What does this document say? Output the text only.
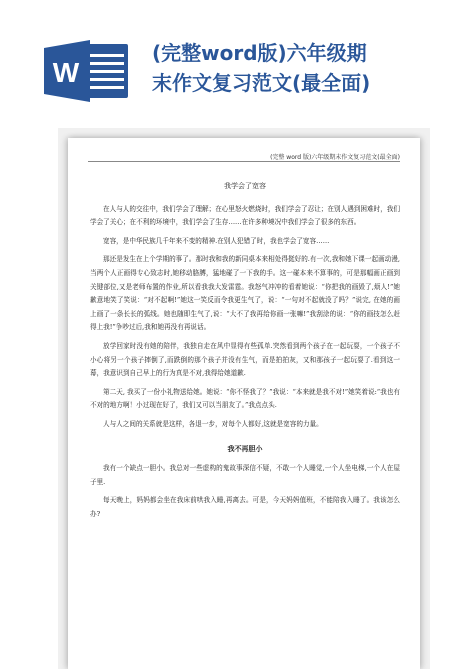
W
(完整word版)六年级期
末作文复习范文(最全面)
(完整 word 版)六年级期末作文复习范文(最全面)

我学会了宽容

在人与人的交往中，我们学会了理解；在心里怒火燃烧时，我们学会了忍让；在别人遇到困难时，我们学会了关心；在不利的环境中，我们学会了生存……在许多种境况中我们学会了很多的东西。

宽容，是中华民族几千年来不变的精神.在别人犯错了时，我也学会了宽容……

那还是发生在上个学期的事了。那时我和我的新同桌本来相处得挺好的.有一次,我和她下课一起画动漫,当两个人正画得专心致志时,她移动胳膊，猛地碰了一下我的手。这一碰本来不算事的，可是那幅画正画到关键部位,又是老师布置的作业,所以看我我大发雷霆。我怒气冲冲的看着她说：“你把我的画毁了,烦人!”她歉意地笑了笑说：“对不起啊!”她这一笑反而令我更生气了，说：“一句对不起就没了吗？”说完, 在她的画上画了一条长长的弧线。她也随即生气了,说：“大不了我再给你画一张嘛!”我刮涂的说：“你的画技怎么赶得上我!”争吵过后,我和她再没有再说话。

放学回家时没有她的陪伴，我独自走在风中显得有些孤单.突然看到两个孩子在一起玩耍，一个孩子不小心将另一个孩子摔倒了,而跌倒的那个孩子并没有生气，而是拍拍灰，又和那孩子一起玩耍了.看到这一幕，我意识到自己早上的行为真是不对,我得给她道歉.

第二天, 我买了一份小礼物送给她。她说：“你不怪我了？”我说：“本来就是我不对!”她笑着说:“我也有不对的地方啊！小过现在好了，我们又可以当朋友了。”我点点头.

人与人之间的关系就是这样，各退一步，对每个人都好,这就是宽容的力量。

我不再胆小

我有一个缺点一胆小。我总对一些虚构的鬼故事深信不疑，不敢一个人睡觉,一个人坐电梯,一个人在屋子里.

每天晚上，妈妈都会坐在我床前哄我入睡,再离去。可是，今天妈妈值班，不能陪我入睡了。我该怎么办?
